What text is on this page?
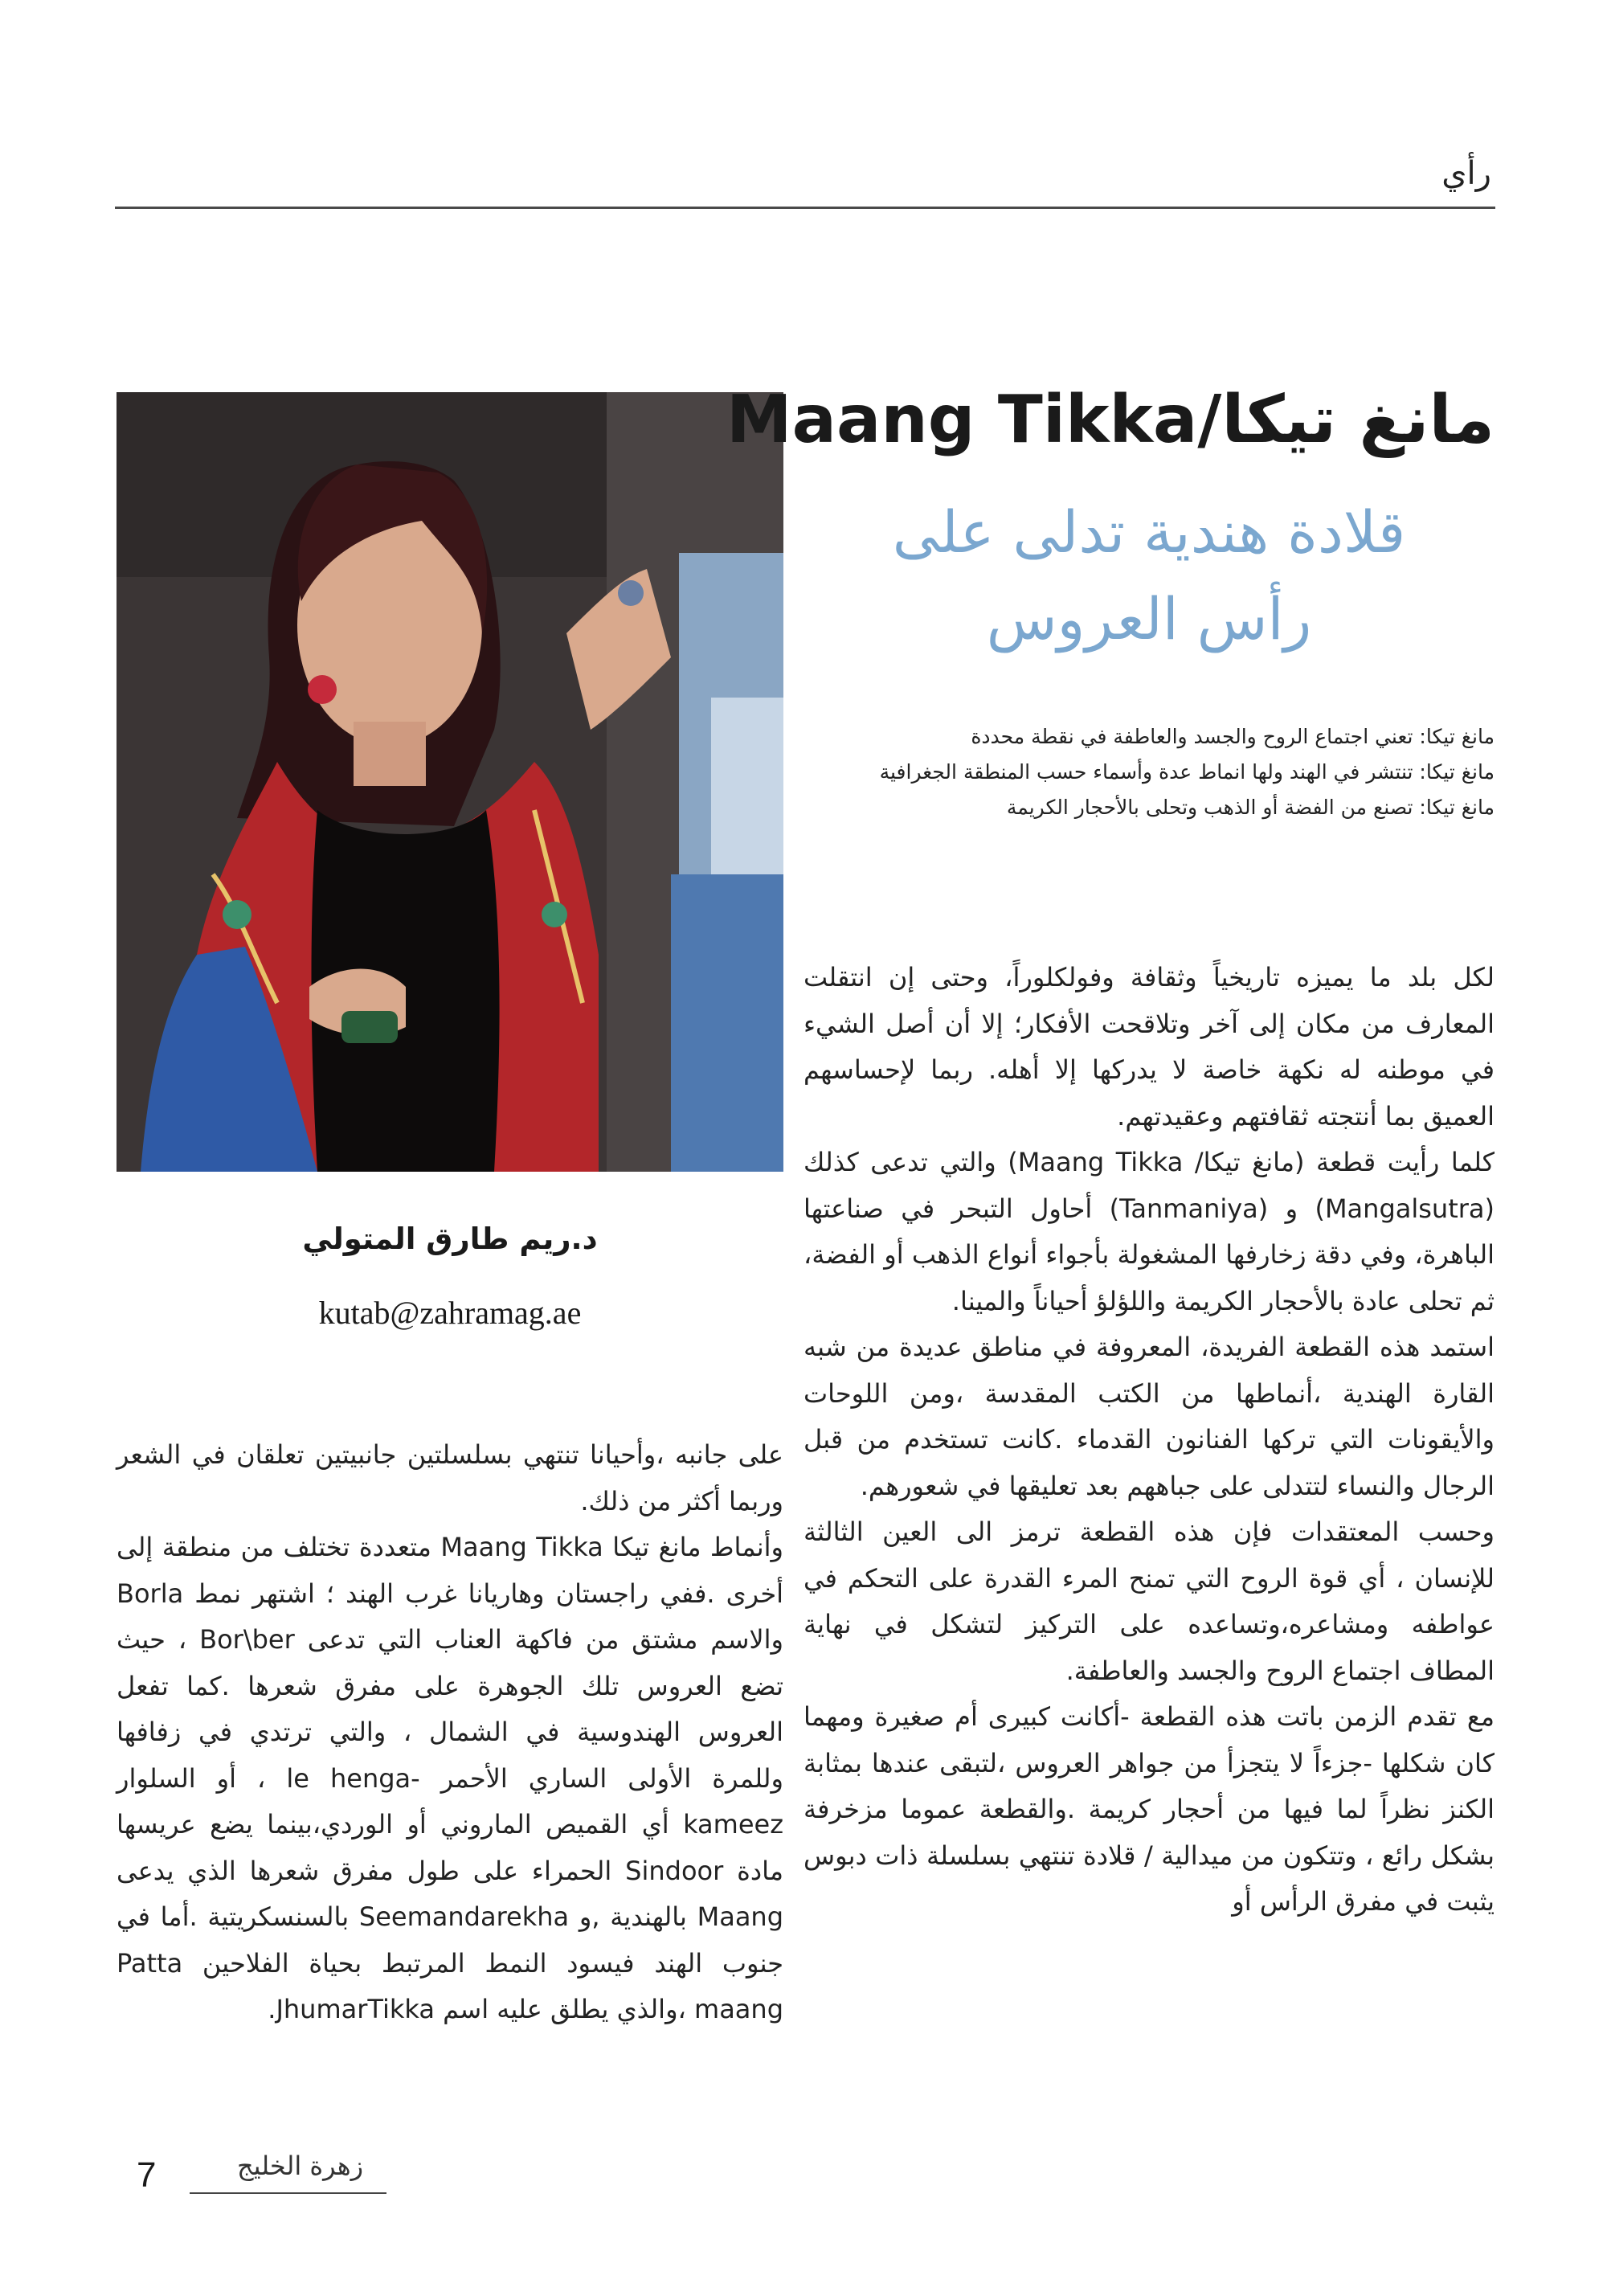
رأي
مانغ تيكا/Maang Tikka
قلادة هندية تدلى على
رأس العروس
مانغ تيكا: تعني اجتماع الروح والجسد والعاطفة في نقطة محددة
مانغ تيكا: تنتشر في الهند ولها انماط عدة وأسماء حسب المنطقة الجغرافية
مانغ تيكا: تصنع من الفضة أو الذهب وتحلى بالأحجار الكريمة

لكل بلد ما يميزه تاريخياً وثقافة وفولكلوراً، وحتى إن انتقلت المعارف من مكان إلى آخر وتلاقحت الأفكار؛ إلا أن أصل الشيء في موطنه له نكهة خاصة لا يدركها إلا أهله. ربما لإحساسهم العميق بما أنتجته ثقافتهم وعقيدتهم.

كلما رأيت قطعة (مانغ تيكا/ Maang Tikka) والتي تدعى كذلك (Mangalsutra) و (Tanmaniya) أحاول التبحر في صناعتها الباهرة، وفي دقة زخارفها المشغولة بأجواء أنواع الذهب أو الفضة، ثم تحلى عادة بالأحجار الكريمة واللؤلؤ أحياناً والمينا.

استمد هذه القطعة الفريدة، المعروفة في مناطق عديدة من شبه القارة الهندية ،أنماطها من الكتب المقدسة ،ومن اللوحات والأيقونات التي تركها الفنانون القدماء .كانت تستخدم من قبل الرجال والنساء لتتدلى على جباههم بعد تعليقها في شعورهم.

وحسب المعتقدات فإن هذه القطعة ترمز الى العين الثالثة للإنسان ، أي قوة الروح التي تمنح المرء القدرة على التحكم في عواطفه ومشاعره،وتساعده على التركيز لتشكل في نهاية المطاف اجتماع الروح والجسد والعاطفة.

مع تقدم الزمن باتت هذه القطعة -أكانت كبيرى أم صغيرة ومهما كان شكلها -جزءاً لا يتجزأ من جواهر العروس ،لتبقى عندها بمثابة الكنز نظراً لما فيها من أحجار كريمة .والقطعة عموما مزخرفة بشكل رائع ، وتتكون من ميدالية / قلادة تنتهي بسلسلة ذات دبوس يثبت في مفرق الرأس أو

د.ريم طارق المتولي
kutab@zahramag.ae

على جانبه ،وأحيانا تنتهي بسلسلتين جانبيتين تعلقان في الشعر وربما أكثر من ذلك.

وأنماط مانغ تيكا Maang Tikka متعددة تختلف من منطقة إلى أخرى .ففي راجستان وهاريانا غرب الهند ؛ اشتهر نمط Borla والاسم مشتق من فاكهة العناب التي تدعى Bor\ber ، حيث تضع العروس تلك الجوهرة على مفرق شعرها .كما تفعل العروس الهندوسية في الشمال ، والتي ترتدي في زفافها وللمرة الأولى الساري الأحمر -le henga ، أو السلوار kameez أي القميص الماروني أو الوردي،بينما يضع عريسها مادة Sindoor الحمراء على طول مفرق شعرها الذي يدعى Maang بالهندية ,و Seemandarekha بالسنسكريتية .أما في جنوب الهند فيسود النمط المرتبط بحياة الفلاحين Patta maang ،والذي يطلق عليه اسم JhumarTikka.

7	زهرة الخليج
